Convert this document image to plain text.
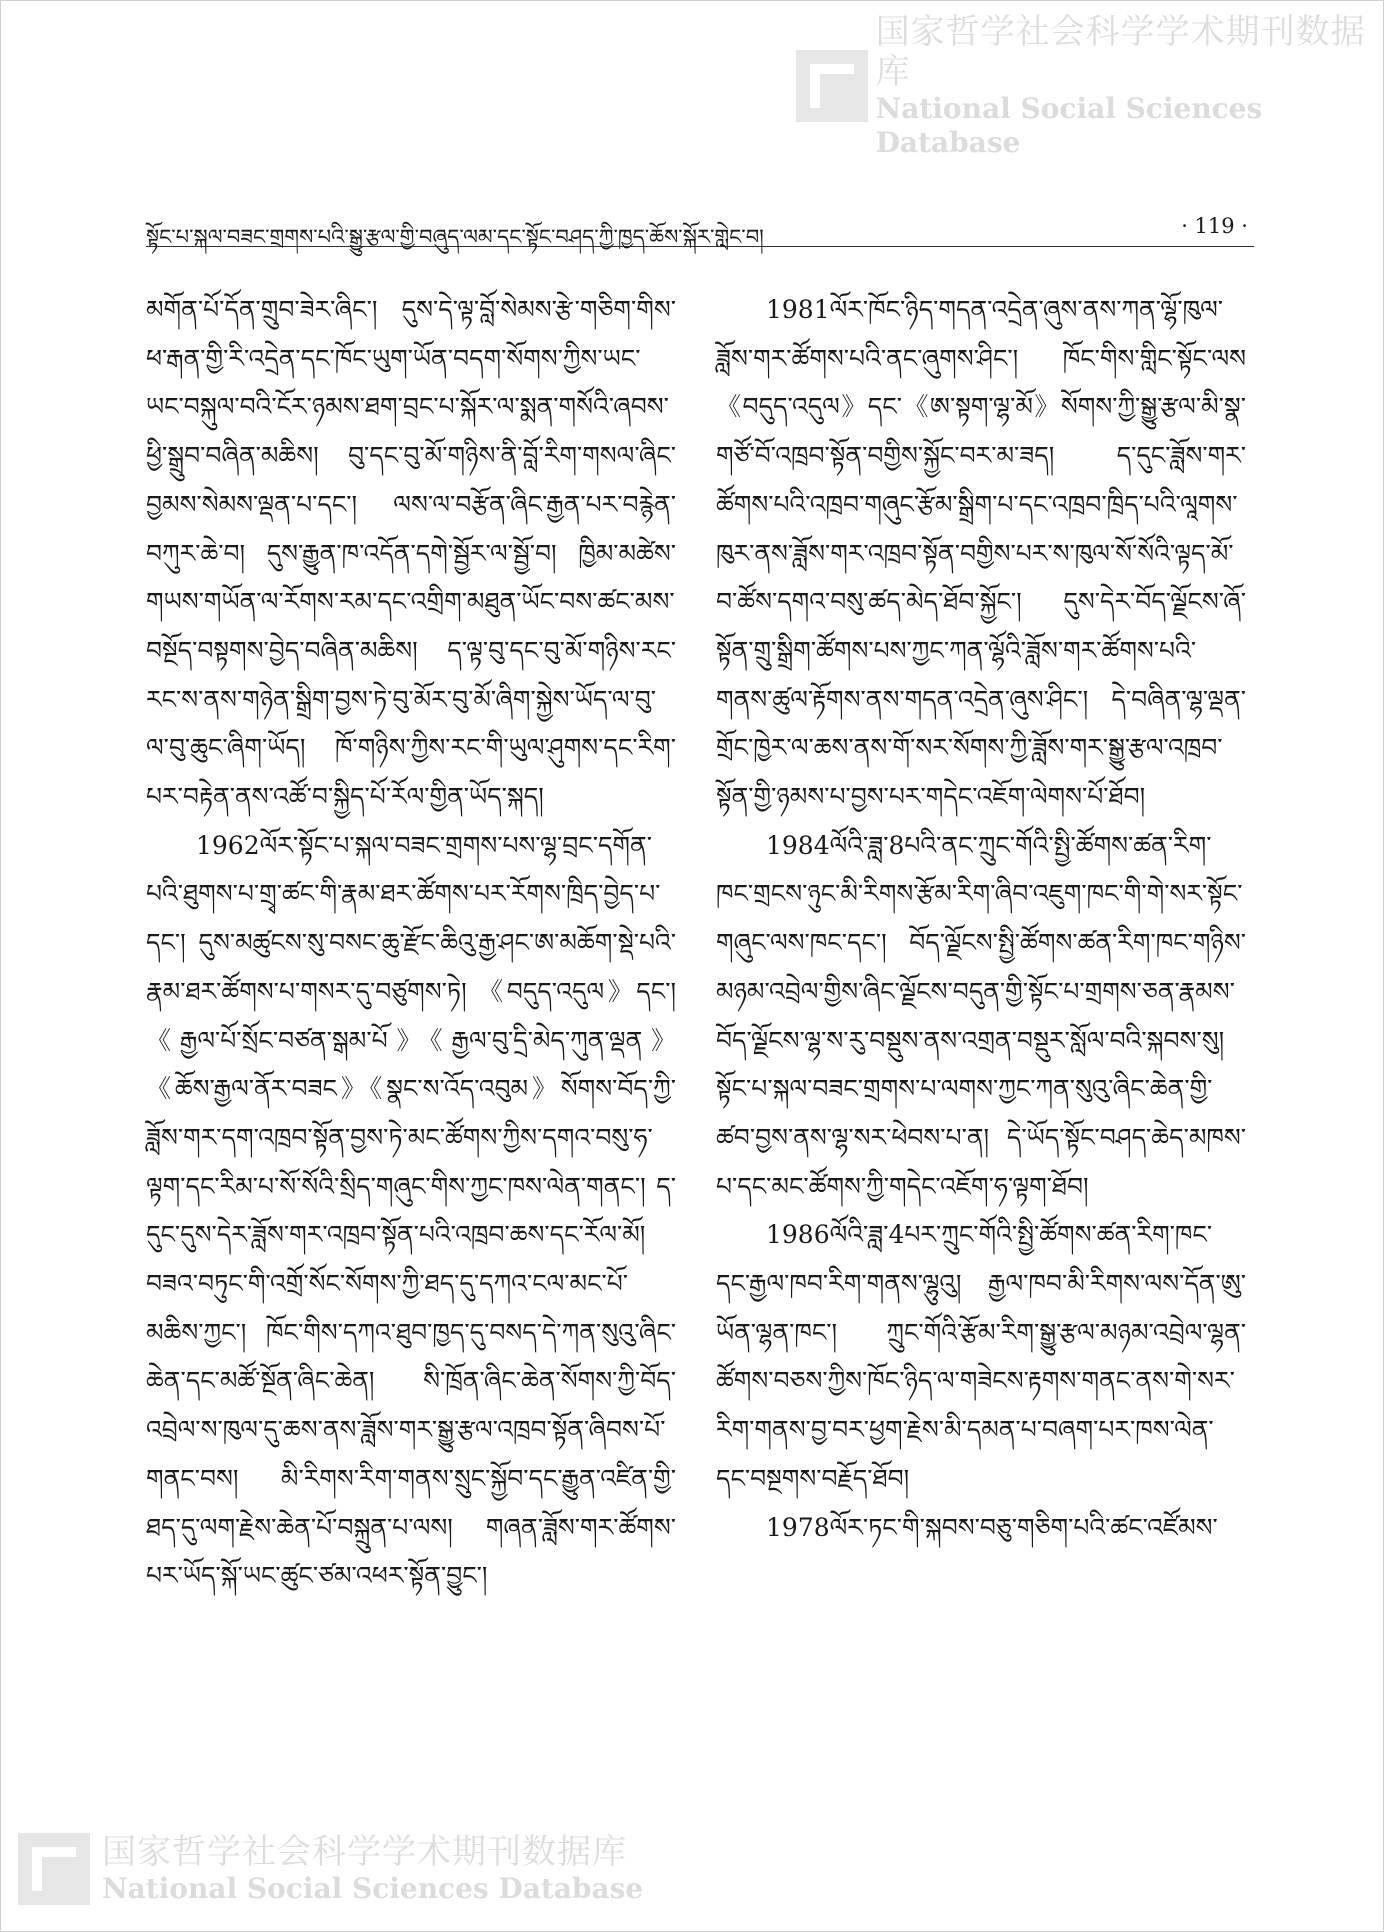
国家哲学社会科学学术期刊数据库
National Social Sciences Database
སྟོང་པ་སྐལ་བཟང་གྲགས་པའི་སྒྱུ་རྩལ་གྱི་བཞུད་ལམ་དང་སྟོང་བཤད་ཀྱི་ཁྱད་ཆོས་སྐོར་གླེང་བ།	· 119 ·

མགོན་པོ་དོན་གྲུབ་ཟེར་ཞིང་། དུས་དེ་ལྟ་བློ་སེམས་རྩེ་གཅིག་གིས་ཕ་རྒན་གྱི་རི་འདྲེན་དང་ཁོང་ཡུག་ཡོན་བདག་སོགས་ཀྱིས་ཡང་ཡང་བསྐུལ་བའི་ངོར་ཉམས་ཐག་བྲང་པ་སྐོར་ལ་སྨན་གསོའི་ཞབས་ཕྱི་སྒྲུབ་བཞིན་མཆིས། བུ་དང་བུ་མོ་གཉིས་ནི་བློ་རིག་གསལ་ཞིང་བྱམས་སེམས་ལྡན་པ་དང་། ལས་ལ་བརྩོན་ཞིང་རྒྱན་པར་བརྙེན་བཀུར་ཆེ་བ། དུས་རྒྱུན་ཁ་འདོན་དགེ་སྦྱོར་ལ་སྦྱོ་བ། ཁྱིམ་མཚེས་གཡས་གཡོན་ལ་རོགས་རམ་དང་འགྲིག་མཐུན་ཡོང་བས་ཚང་མས་བསྔོད་བསྟགས་བྱེད་བཞིན་མཆིས། ད་ལྟ་བུ་དང་བུ་མོ་གཉིས་རང་རང་ས་ནས་གཉེན་སྒྲིག་བྱས་ཏེ་བུ་མོར་བུ་མོ་ཞིག་སྐྱེས་ཡོད་ལ་བུ་ལ་བུ་ཆུང་ཞིག་ཡོད། ཁོ་གཉིས་ཀྱིས་རང་གི་ཡུལ་ཤུགས་དང་རིག་པར་བརྟེན་ནས་འཚོ་བ་སྐྱིད་པོ་རོལ་གྱིན་ཡོད་སྐད།

1962ལོར་སྟོང་པ་སྐལ་བཟང་གྲགས་པས་ལྷ་བྲང་དགོན་པའི་ཐུགས་པ་གྲྭ་ཚང་གི་རྣམ་ཐར་ཚོགས་པར་རོགས་ཁྲིད་བྱེད་པ་དང་། དུས་མཚུངས་སུ་བསང་ཆུ་རྫོང་ཆིའུ་རྒྱ་ཤང་ཨ་མཆོག་སྡེ་པའི་རྣམ་ཐར་ཚོགས་པ་གསར་དུ་བཙུགས་ཏེ། 《བདུད་འདུལ》དང་། 《རྒྱལ་པོ་སྲོང་བཙན་སྒམ་པོ》《རྒྱལ་བུ་དྲི་མེད་ཀུན་ལྡན》《ཆོས་རྒྱལ་ནོར་བཟང》《སྣང་ས་འོད་འབུམ》སོགས་བོད་ཀྱི་ཟློས་གར་དག་འཁྲབ་སྟོན་བྱས་ཏེ་མང་ཚོགས་ཀྱིས་དགའ་བསུ་ཧ་ལྟག་དང་རིམ་པ་སོ་སོའི་སྲིད་གཞུང་གིས་ཀྱང་ཁས་ལེན་གནང་། ད་དུང་དུས་དེར་ཟློས་གར་འཁྲབ་སྟོན་པའི་འཁྲབ་ཆས་དང་རོལ་མོ། བཟའ་བཏུང་གི་འགྲོ་སོང་སོགས་ཀྱི་ཐད་དུ་དཀའ་ངལ་མང་པོ་མཆིས་ཀྱང་། ཁོང་གིས་དཀའ་ཐུབ་ཁྱད་དུ་བསད་དེ་ཀན་སུའུ་ཞིང་ཆེན་དང་མཚོ་སྔོན་ཞིང་ཆེན། སི་ཁྲོན་ཞིང་ཆེན་སོགས་ཀྱི་བོད་འབྲེལ་ས་ཁུལ་དུ་ཆས་ནས་ཟློས་གར་སྒྱུ་རྩལ་འཁྲབ་སྟོན་ཞིབས་པོ་གནང་བས། མི་རིགས་རིག་གནས་སྲུང་སྐྱོབ་དང་རྒྱུན་འཛིན་གྱི་ཐད་དུ་ལག་རྗེས་ཆེན་པོ་བསྐྲུན་པ་ལས། གཞན་ཟློས་གར་ཚོགས་པར་ཡོད་སྐོ་ཡང་ཚུང་ཙམ་འཕར་སྟོན་བྱུང་།

1981ལོར་ཁོང་ཉིད་གདན་འདྲེན་ཞུས་ནས་ཀན་ལྷོ་ཁུལ་ཟློས་གར་ཚོགས་པའི་ནང་ཞུགས་ཤིང་། ཁོང་གིས་གླིང་སྟོང་ལས《བདུད་འདུལ》དང་《ཨ་སྟག་ལྷ་མོ》སོགས་ཀྱི་སྒྱུ་རྩལ་མི་སྣ་གཙོ་བོ་འཁྲབ་སྟོན་བགྱིས་སྐྱོང་བར་མ་ཟད། ད་དུང་ཟློས་གར་ཚོགས་པའི་འཁྲབ་གཞུང་རྩོམ་སྒྲིག་པ་དང་འཁྲབ་ཁྲིད་པའི་ལཱགས་ཁུར་ནས་ཟློས་གར་འཁྲབ་སྟོན་བགྱིས་པར་ས་ཁུལ་སོ་སོའི་ལྟད་མོ་བ་ཚོས་དགའ་བསུ་ཚད་མེད་ཐོབ་སྐྱོང་། དུས་དེར་བོད་ལྗོངས་ཞོ་སྟོན་གྲུ་སྒྲིག་ཚོགས་པས་ཀྱང་ཀན་ལྷོའི་ཟློས་གར་ཚོགས་པའི་གནས་ཚུལ་རྟོགས་ནས་གདན་འདྲེན་ཞུས་ཤིང་། དེ་བཞིན་ལྷ་ལྡན་གྲོང་ཁྱེར་ལ་ཆས་ནས་གོ་སར་སོགས་ཀྱི་ཟློས་གར་སྒྱུ་རྩལ་འཁྲབ་སྟོན་གྱི་ཉམས་པ་བྱས་པར་གདེང་འཇོག་ལེགས་པོ་ཐོབ།

1984ལོའི་ཟླ་8པའི་ནང་ཀྲུང་གོའི་སྤྱི་ཚོགས་ཚན་རིག་ཁང་གྲངས་ཉུང་མི་རིགས་རྩོམ་རིག་ཞིབ་འཇུག་ཁང་གི་གེ་སར་སྟོང་གཞུང་ལས་ཁང་དང་། བོད་ལྗོངས་སྤྱི་ཚོགས་ཚན་རིག་ཁང་གཉིས་མཉམ་འབྲེལ་གྱིས་ཞིང་ལྗོངས་བདུན་གྱི་སྟོང་པ་གྲགས་ཅན་རྣམས་བོད་ལྗོངས་ལྷ་ས་རུ་བསྡུས་ནས་འགྲན་བསྡུར་སློལ་བའི་སྐབས་སུ། སྟོང་པ་སྐལ་བཟང་གྲགས་པ་ལགས་ཀྱང་ཀན་སུའུ་ཞིང་ཆེན་གྱི་ཚབ་བྱས་ནས་ལྷ་སར་ཕེབས་པ་ན། དེ་ཡོད་སྟོང་བཤད་ཆེད་མཁས་པ་དང་མང་ཚོགས་ཀྱི་གདེང་འཇོག་ཧ་ལྟག་ཐོབ།

1986ལོའི་ཟླ་4པར་ཀྲུང་གོའི་སྤྱི་ཚོགས་ཚན་རིག་ཁང་དང་རྒྱལ་ཁབ་རིག་གནས་ལྷུའུ། རྒྱལ་ཁབ་མི་རིགས་ལས་དོན་ཨུ་ཡོན་ལྷན་ཁང་། ཀྲུང་གོའི་རྩོམ་རིག་སྒྱུ་རྩལ་མཉམ་འབྲེལ་ལྷན་ཚོགས་བཅས་ཀྱིས་ཁོང་ཉིད་ལ་གཟེངས་རྟགས་གནང་ནས་གེ་སར་རིག་གནས་བྱ་བར་ཕྱག་རྗེས་མི་དམན་པ་བཞག་པར་ཁས་ལེན་དང་བསྔགས་བརྗོད་ཐོབ།

1978ལོར་ཏང་གི་སྐབས་བཅུ་གཅིག་པའི་ཚང་འཛོམས་

国家哲学社会科学学术期刊数据库
National Social Sciences Database
